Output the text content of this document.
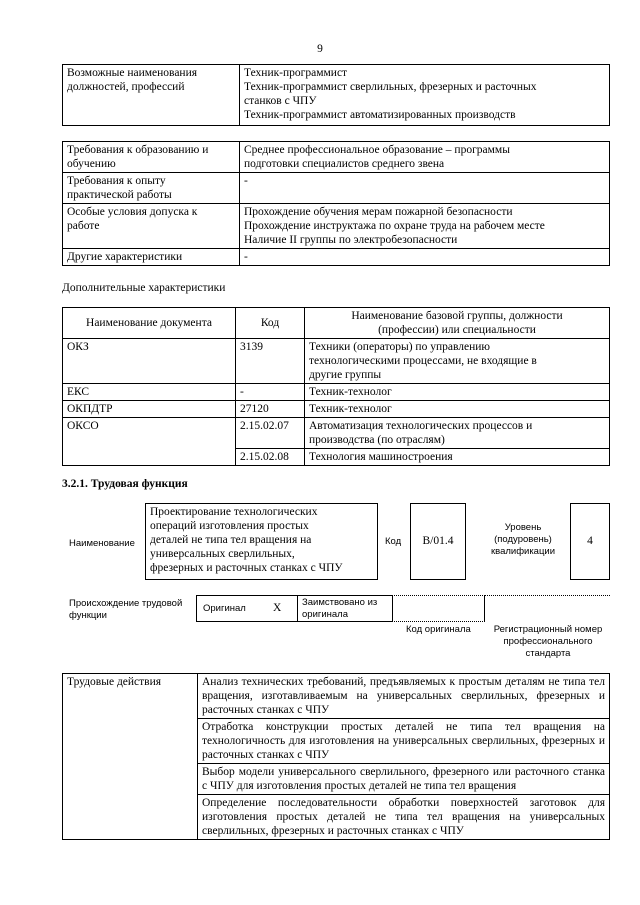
9
Возможные наименования
должностей, профессий	Техник-программист
Техник-программист сверлильных, фрезерных и расточных
станков с ЧПУ
Техник-программист автоматизированных производств
Требования к образованию и
обучению	Среднее профессиональное образование – программы
подготовки специалистов среднего звена
Требования к опыту
практической работы	-
Особые условия допуска к
работе	Прохождение обучения мерам пожарной безопасности
Прохождение инструктажа по охране труда на рабочем месте
Наличие II группы по электробезопасности
Другие характеристики	-
Дополнительные характеристики
Наименование документа	Код	Наименование базовой группы, должности
(профессии) или специальности
ОКЗ	3139	Техники (операторы) по управлению
технологическими процессами, не входящие в
другие группы
ЕКС	-	Техник-технолог
ОКПДТР	27120	Техник-технолог
ОКСО	2.15.02.07	Автоматизация технологических процессов и
производства (по отраслям)
	2.15.02.08	Технология машиностроения
3.2.1. Трудовая функция
Наименование
Проектирование технологических
операций изготовления простых
деталей не типа тел вращения на
универсальных сверлильных,
фрезерных и расточных станках с ЧПУ
Код	B/01.4
Уровень
(подуровень)
квалификации
4
Происхождение трудовой
функции
Оригинал X Заимствовано из
оригинала
Код оригинала	Регистрационный номер
профессионального
стандарта
Трудовые действия	Анализ технических требований, предъявляемых к простым деталям не типа тел вращения, изготавливаемым на универсальных сверлильных, фрезерных и расточных станках с ЧПУ
Отработка конструкции простых деталей не типа тел вращения на технологичность для изготовления на универсальных сверлильных, фрезерных и расточных станках с ЧПУ
Выбор модели универсального сверлильного, фрезерного или расточного станка с ЧПУ для изготовления простых деталей не типа тел вращения
Определение последовательности обработки поверхностей заготовок для изготовления простых деталей не типа тел вращения на универсальных сверлильных, фрезерных и расточных станках с ЧПУ
